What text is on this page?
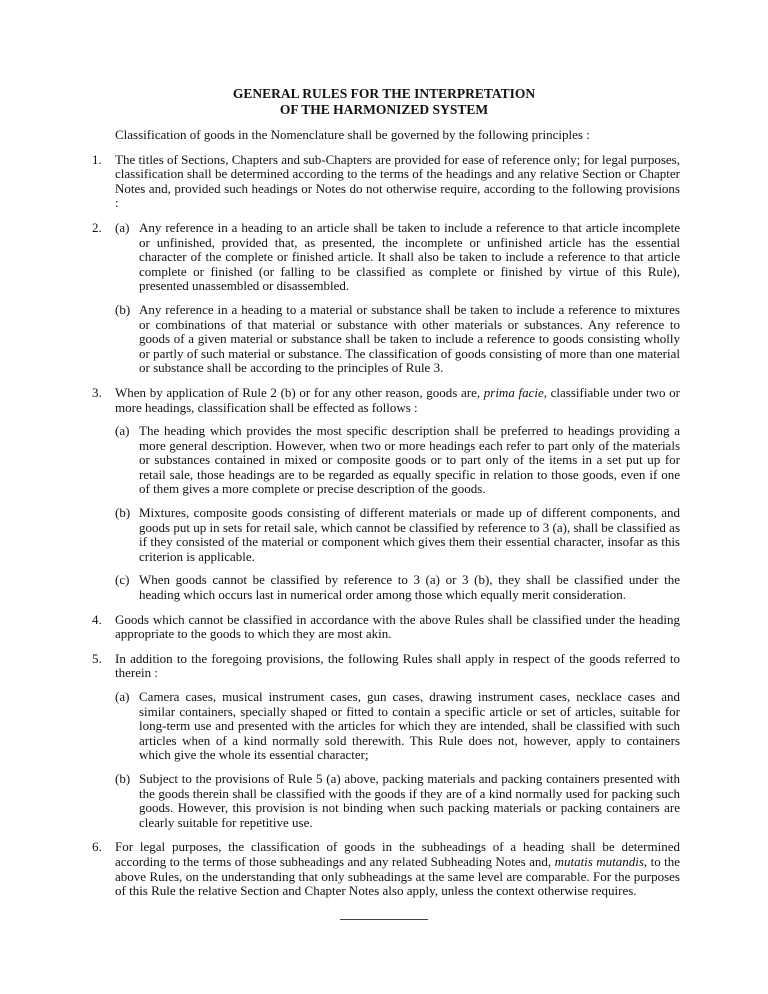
GENERAL RULES FOR THE INTERPRETATION
OF THE HARMONIZED SYSTEM
Classification of goods in the Nomenclature shall be governed by the following principles :
1. The titles of Sections, Chapters and sub-Chapters are provided for ease of reference only; for legal purposes, classification shall be determined according to the terms of the headings and any relative Section or Chapter Notes and, provided such headings or Notes do not otherwise require, according to the following provisions :
2. (a) Any reference in a heading to an article shall be taken to include a reference to that article incomplete or unfinished, provided that, as presented, the incomplete or unfinished article has the essential character of the complete or finished article. It shall also be taken to include a reference to that article complete or finished (or falling to be classified as complete or finished by virtue of this Rule), presented unassembled or disassembled.
(b) Any reference in a heading to a material or substance shall be taken to include a reference to mixtures or combinations of that material or substance with other materials or substances. Any reference to goods of a given material or substance shall be taken to include a reference to goods consisting wholly or partly of such material or substance. The classification of goods consisting of more than one material or substance shall be according to the principles of Rule 3.
3. When by application of Rule 2 (b) or for any other reason, goods are, prima facie, classifiable under two or more headings, classification shall be effected as follows :
(a) The heading which provides the most specific description shall be preferred to headings providing a more general description. However, when two or more headings each refer to part only of the materials or substances contained in mixed or composite goods or to part only of the items in a set put up for retail sale, those headings are to be regarded as equally specific in relation to those goods, even if one of them gives a more complete or precise description of the goods.
(b) Mixtures, composite goods consisting of different materials or made up of different components, and goods put up in sets for retail sale, which cannot be classified by reference to 3 (a), shall be classified as if they consisted of the material or component which gives them their essential character, insofar as this criterion is applicable.
(c) When goods cannot be classified by reference to 3 (a) or 3 (b), they shall be classified under the heading which occurs last in numerical order among those which equally merit consideration.
4. Goods which cannot be classified in accordance with the above Rules shall be classified under the heading appropriate to the goods to which they are most akin.
5. In addition to the foregoing provisions, the following Rules shall apply in respect of the goods referred to therein :
(a) Camera cases, musical instrument cases, gun cases, drawing instrument cases, necklace cases and similar containers, specially shaped or fitted to contain a specific article or set of articles, suitable for long-term use and presented with the articles for which they are intended, shall be classified with such articles when of a kind normally sold therewith. This Rule does not, however, apply to containers which give the whole its essential character;
(b) Subject to the provisions of Rule 5 (a) above, packing materials and packing containers presented with the goods therein shall be classified with the goods if they are of a kind normally used for packing such goods. However, this provision is not binding when such packing materials or packing containers are clearly suitable for repetitive use.
6. For legal purposes, the classification of goods in the subheadings of a heading shall be determined according to the terms of those subheadings and any related Subheading Notes and, mutatis mutandis, to the above Rules, on the understanding that only subheadings at the same level are comparable. For the purposes of this Rule the relative Section and Chapter Notes also apply, unless the context otherwise requires.
